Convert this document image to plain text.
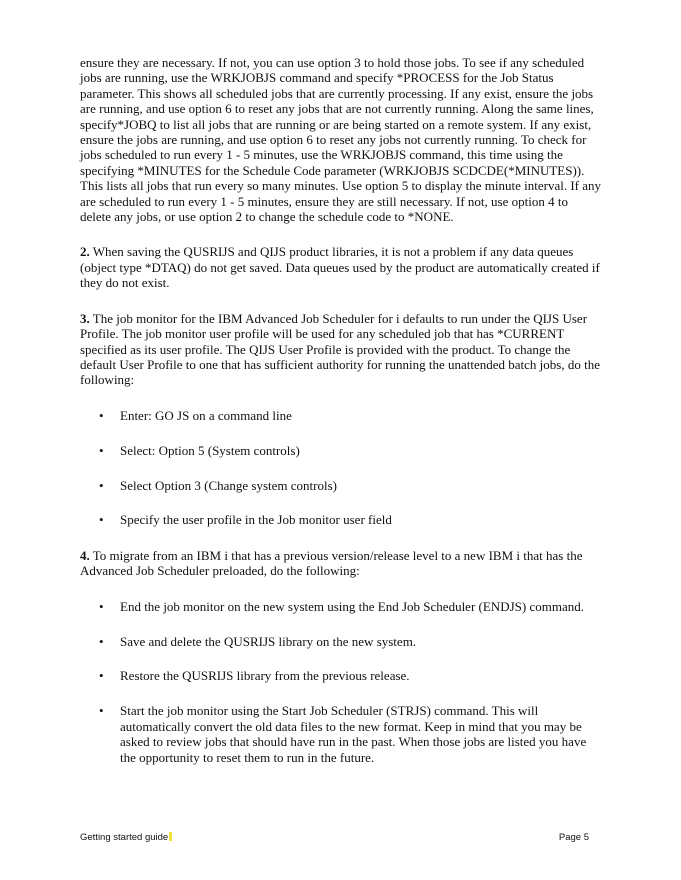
ensure they are necessary. If not, you can use option 3 to hold those jobs. To see if any scheduled jobs are running, use the WRKJOBJS command and specify *PROCESS for the Job Status parameter. This shows all scheduled jobs that are currently processing. If any exist, ensure the jobs are running, and use option 6 to reset any jobs that are not currently running. Along the same lines, specify*JOBQ to list all jobs that are running or are being started on a remote system. If any exist, ensure the jobs are running, and use option 6 to reset any jobs not currently running. To check for jobs scheduled to run every 1 - 5 minutes, use the WRKJOBJS command, this time using the specifying *MINUTES for the Schedule Code parameter (WRKJOBJS SCDCDE(*MINUTES)). This lists all jobs that run every so many minutes. Use option 5 to display the minute interval. If any are scheduled to run every 1 - 5 minutes, ensure they are still necessary. If not, use option 4 to delete any jobs, or use option 2 to change the schedule code to *NONE.

2. When saving the QUSRIJS and QIJS product libraries, it is not a problem if any data queues (object type *DTAQ) do not get saved. Data queues used by the product are automatically created if they do not exist.

3. The job monitor for the IBM Advanced Job Scheduler for i defaults to run under the QIJS User Profile. The job monitor user profile will be used for any scheduled job that has *CURRENT specified as its user profile. The QIJS User Profile is provided with the product. To change the default User Profile to one that has sufficient authority for running the unattended batch jobs, do the following:

• Enter: GO JS on a command line
• Select: Option 5 (System controls)
• Select Option 3 (Change system controls)
• Specify the user profile in the Job monitor user field

4. To migrate from an IBM i that has a previous version/release level to a new IBM i that has the Advanced Job Scheduler preloaded, do the following:

• End the job monitor on the new system using the End Job Scheduler (ENDJS) command.
• Save and delete the QUSRIJS library on the new system.
• Restore the QUSRIJS library from the previous release.
• Start the job monitor using the Start Job Scheduler (STRJS) command. This will automatically convert the old data files to the new format. Keep in mind that you may be asked to review jobs that should have run in the past. When those jobs are listed you have the opportunity to reset them to run in the future.
Getting started guide	Page 5
